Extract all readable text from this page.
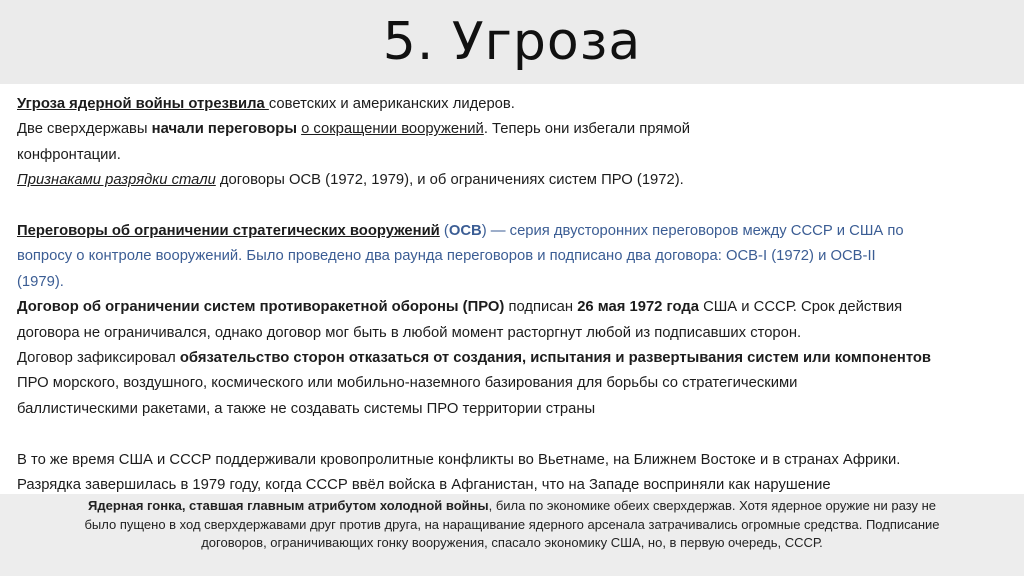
5. Угроза

Угроза ядерной войны отрезвила советских и американских лидеров.

Две сверхдержавы начали переговоры о сокращении вооружений. Теперь они избегали прямой

конфронтации.

Признаками разрядки стали договоры ОСВ (1972, 1979), и об ограничениях систем ПРО (1972).

Переговоры об ограничении стратегических вооружений (ОСВ) — серия двусторонних переговоров между СССР и США по

вопросу о контроле вооружений. Было проведено два раунда переговоров и подписано два договора: ОСВ-I (1972) и ОСВ-II

(1979).

Договор об ограничении систем противоракетной обороны (ПРО) подписан 26 мая 1972 года США и СССР. Срок действия

договора не ограничивался, однако договор мог быть в любой момент расторгнут любой из подписавших сторон.

Договор зафиксировал обязательство сторон отказаться от создания, испытания и развертывания систем или компонентов

ПРО морского, воздушного, космического или мобильно-наземного базирования для борьбы со стратегическими

баллистическими ракетами, а также не создавать системы ПРО территории страны

В то же время США и СССР поддерживали кровопролитные конфликты во Вьетнаме, на Ближнем Востоке и в странах Африки.

Разрядка завершилась в 1979 году, когда СССР ввёл войска в Афганистан, что на Западе восприняли как нарушение

Ядерная гонка, ставшая главным атрибутом холодной войны, била по экономике обеих сверхдержав. Хотя ядерное оружие ни разу не
было пущено в ход сверхдержавами друг против друга, на наращивание ядерного арсенала затрачивались огромные средства. Подписание
договоров, ограничивающих гонку вооружения, спасало экономику США, но, в первую очередь, СССР.
